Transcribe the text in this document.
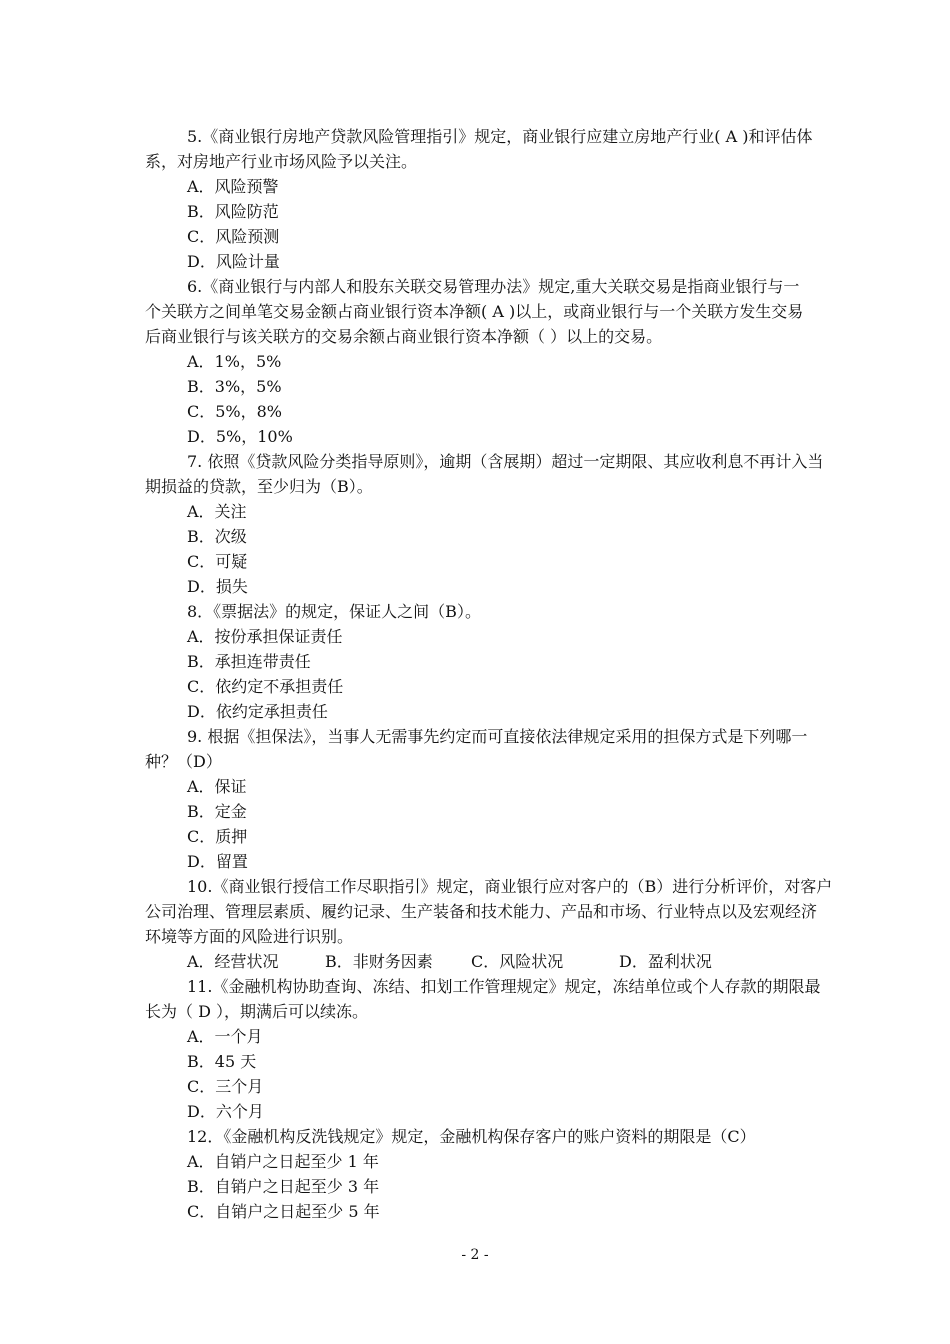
5.《商业银行房地产贷款风险管理指引》规定，商业银行应建立房地产行业( A )和评估体
系，对房地产行业市场风险予以关注。
A．风险预警
B．风险防范
C．风险预测
D．风险计量
6.《商业银行与内部人和股东关联交易管理办法》规定,重大关联交易是指商业银行与一
个关联方之间单笔交易金额占商业银行资本净额( A )以上，或商业银行与一个关联方发生交易
后商业银行与该关联方的交易余额占商业银行资本净额（ ）以上的交易。
A．1%，5%
B．3%，5%
C．5%，8%
D．5%，10%
7. 依照《贷款风险分类指导原则》，逾期（含展期）超过一定期限、其应收利息不再计入当
期损益的贷款，至少归为（B）。
A．关注
B．次级
C．可疑
D．损失
8．《票据法》的规定，保证人之间（B）。
A．按份承担保证责任
B．承担连带责任
C．依约定不承担责任
D．依约定承担责任
9. 根据《担保法》，当事人无需事先约定而可直接依法律规定采用的担保方式是下列哪一
种？（D）
A．保证
B．定金
C．质押
D．留置
10.《商业银行授信工作尽职指引》规定，商业银行应对客户的（B）进行分析评价，对客户
公司治理、管理层素质、履约记录、生产装备和技术能力、产品和市场、行业特点以及宏观经济
环境等方面的风险进行识别。
A．经营状况	B．非财务因素	C．风险状况	D．盈利状况
11.《金融机构协助查询、冻结、扣划工作管理规定》规定，冻结单位或个人存款的期限最
长为（ D ），期满后可以续冻。
A．一个月
B．45 天
C．三个月
D．六个月
12．《金融机构反洗钱规定》规定，金融机构保存客户的账户资料的期限是（C）
A．自销户之日起至少 1 年
B．自销户之日起至少 3 年
C．自销户之日起至少 5 年
- 2 -
